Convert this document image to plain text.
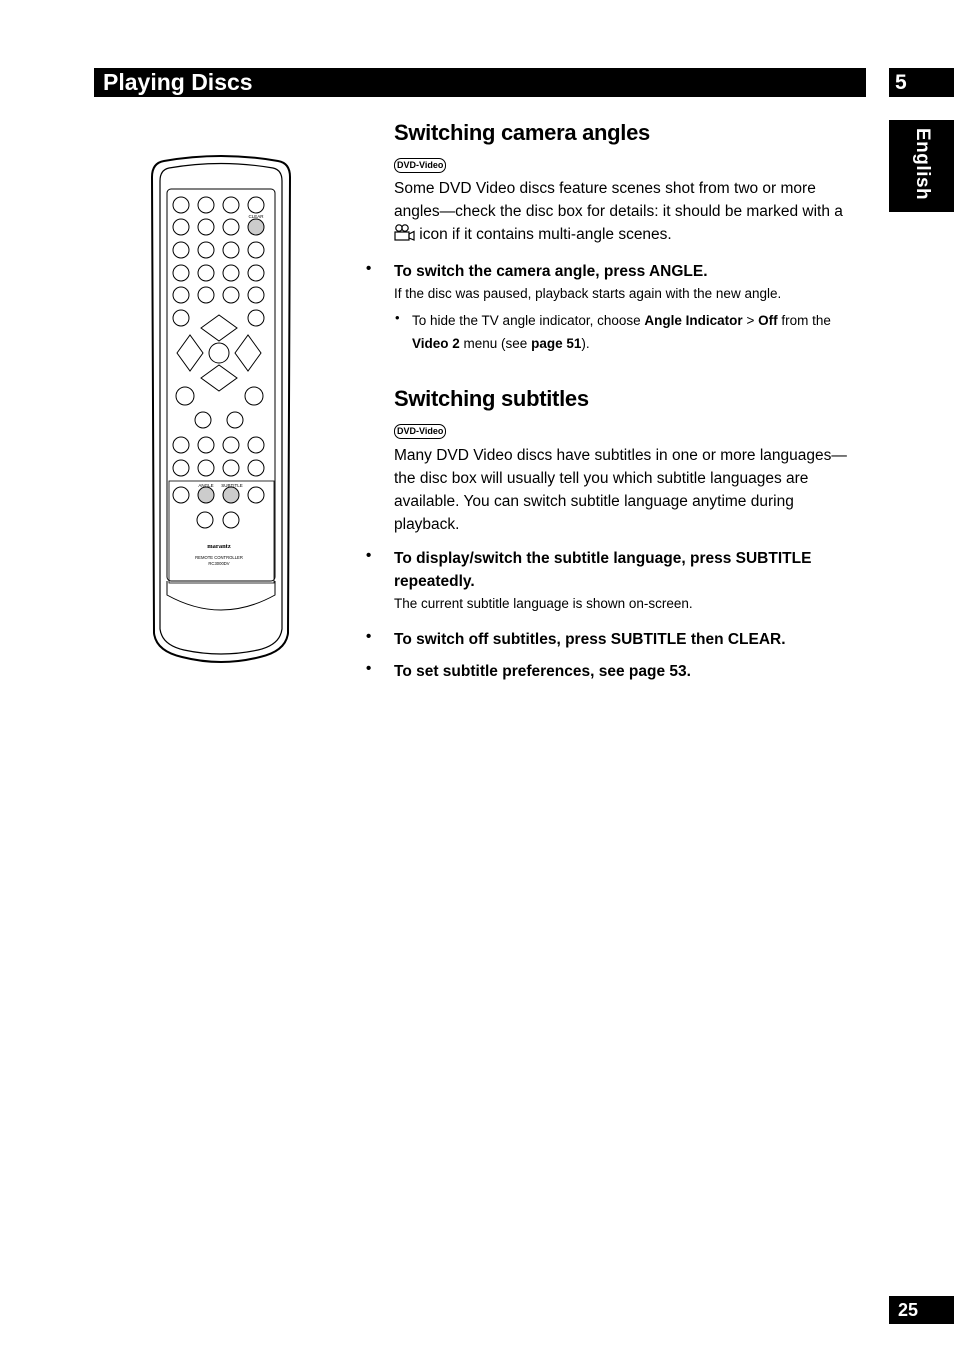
Playing Discs	5
English
CLEAR
ANGLE SUBTITLE
marantz
REMOTE CONTROLLER
RC3000DV
Switching camera angles
DVD-Video
Some DVD Video discs feature scenes shot from two or more angles—check the disc box for details: it should be marked with a  icon if it contains multi-angle scenes.
• To switch the camera angle, press ANGLE.
If the disc was paused, playback starts again with the new angle.
• To hide the TV angle indicator, choose Angle Indicator > Off from the Video 2 menu (see page 51).
Switching subtitles
DVD-Video
Many DVD Video discs have subtitles in one or more languages—the disc box will usually tell you which subtitle languages are available. You can switch subtitle language anytime during playback.
• To display/switch the subtitle language, press SUBTITLE repeatedly.
The current subtitle language is shown on-screen.
• To switch off subtitles, press SUBTITLE then CLEAR.
• To set subtitle preferences, see page 53.
25
